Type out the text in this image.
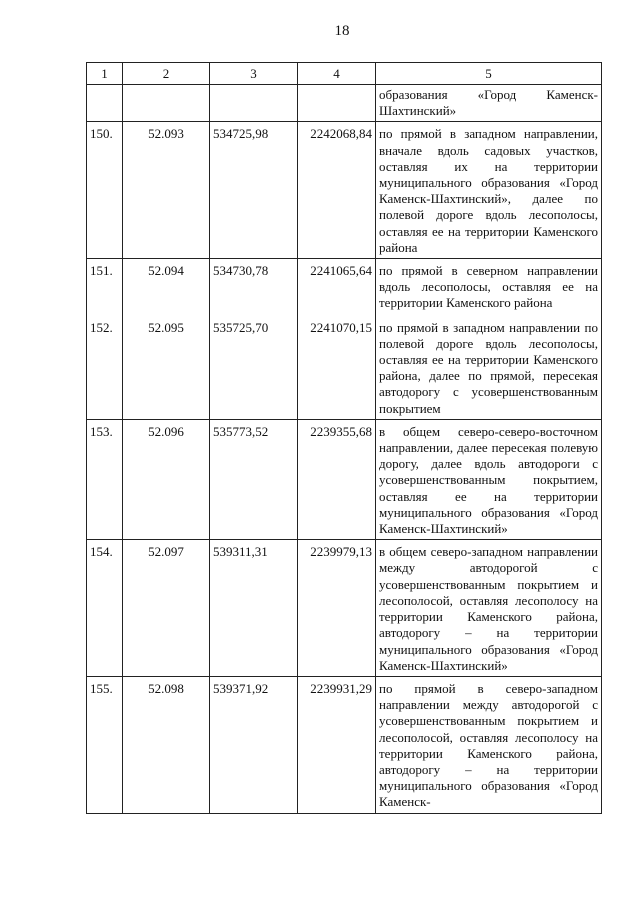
18
1	2	3	4	5
				образования «Город Каменск-Шахтинский»
150.	52.093	534725,98	2242068,84	по прямой в западном направлении, вначале вдоль садовых участков, оставляя их на территории муниципального образования «Город Каменск-Шахтинский», далее по полевой дороге вдоль лесополосы, оставляя ее на территории Каменского района
151.	52.094	534730,78	2241065,64	по прямой в северном направлении вдоль лесополосы, оставляя ее на территории Каменского района
152.	52.095	535725,70	2241070,15	по прямой в западном направлении по полевой дороге вдоль лесополосы, оставляя ее на территории Каменского района, далее по прямой, пересекая автодорогу с усовершенствованным покрытием
153.	52.096	535773,52	2239355,68	в общем северо-северо-восточном направлении, далее пересекая полевую дорогу, далее вдоль автодороги с усовершенствованным покрытием, оставляя ее на территории муниципального образования «Город Каменск-Шахтинский»
154.	52.097	539311,31	2239979,13	в общем северо-западном направлении между автодорогой с усовершенствованным покрытием и лесополосой, оставляя лесополосу на территории Каменского района, автодорогу – на территории муниципального образования «Город Каменск-Шахтинский»
155.	52.098	539371,92	2239931,29	по прямой в северо-западном направлении между автодорогой с усовершенствованным покрытием и лесополосой, оставляя лесополосу на территории Каменского района, автодорогу – на территории муниципального образования «Город Каменск-
